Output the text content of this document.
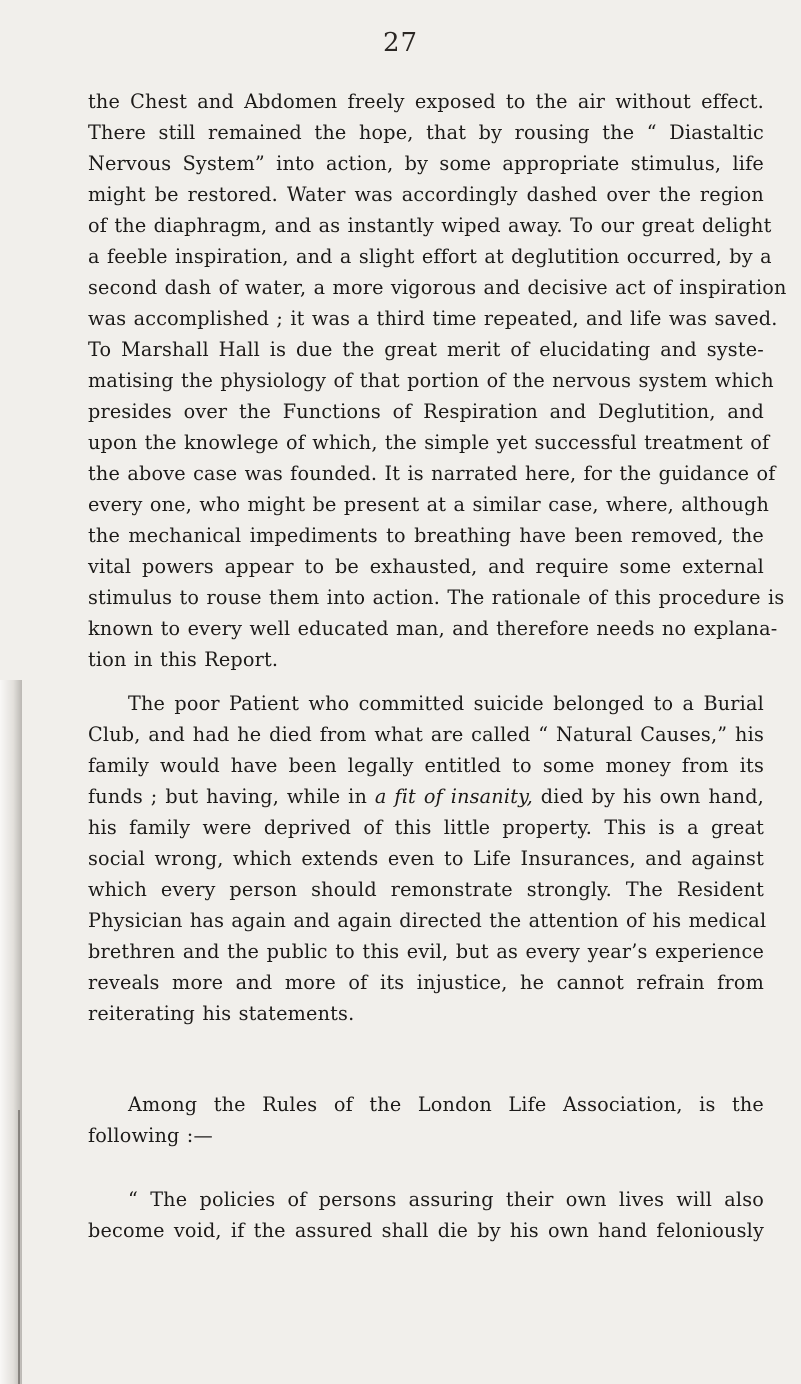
27
the Chest and Abdomen freely exposed to the air without effect.
There still remained the hope, that by rousing the “ Diastaltic
Nervous System” into action, by some appropriate stimulus, life
might be restored. Water was accordingly dashed over the region
of the diaphragm, and as instantly wiped away. To our great delight
a feeble inspiration, and a slight effort at deglutition occurred, by a
second dash of water, a more vigorous and decisive act of inspiration
was accomplished ; it was a third time repeated, and life was saved.
To Marshall Hall is due the great merit of elucidating and syste-
matising the physiology of that portion of the nervous system which
presides over the Functions of Respiration and Deglutition, and
upon the knowlege of which, the simple yet successful treatment of
the above case was founded. It is narrated here, for the guidance of
every one, who might be present at a similar case, where, although
the mechanical impediments to breathing have been removed, the
vital powers appear to be exhausted, and require some external
stimulus to rouse them into action. The rationale of this procedure is
known to every well educated man, and therefore needs no explana-
tion in this Report.
The poor Patient who committed suicide belonged to a Burial
Club, and had he died from what are called “ Natural Causes,” his
family would have been legally entitled to some money from its
funds ; but having, while in a fit of insanity, died by his own hand,
his family were deprived of this little property. This is a great
social wrong, which extends even to Life Insurances, and against
which every person should remonstrate strongly. The Resident
Physician has again and again directed the attention of his medical
brethren and the public to this evil, but as every year’s experience
reveals more and more of its injustice, he cannot refrain from
reiterating his statements.
Among the Rules of the London Life Association, is the
following :—
“ The policies of persons assuring their own lives will also
become void, if the assured shall die by his own hand feloniously
